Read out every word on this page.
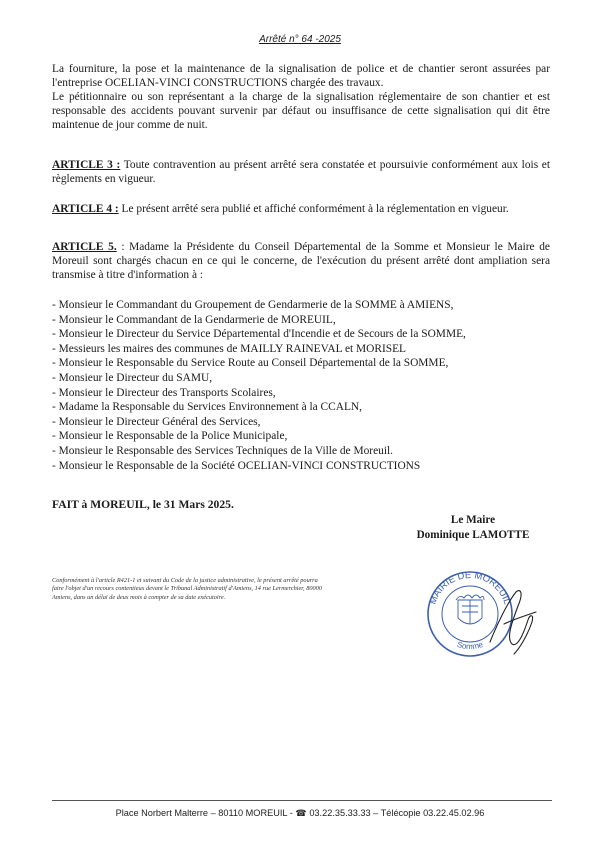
Arrêté n° 64 -2025

La fourniture, la pose et la maintenance de la signalisation de police et de chantier seront assurées par l'entreprise OCELIAN-VINCI CONSTRUCTIONS chargée des travaux.

Le pétitionnaire ou son représentant a la charge de la signalisation réglementaire de son chantier et est responsable des accidents pouvant survenir par défaut ou insuffisance de cette signalisation qui dit être maintenue de jour comme de nuit.

ARTICLE 3 : Toute contravention au présent arrêté sera constatée et poursuivie conformément aux lois et règlements en vigueur.

ARTICLE 4 : Le présent arrêté sera publié et affiché conformément à la réglementation en vigueur.

ARTICLE 5. : Madame la Présidente du Conseil Départemental de la Somme et Monsieur le Maire de Moreuil sont chargés chacun en ce qui le concerne, de l'exécution du présent arrêté dont ampliation sera transmise à titre d'information à :

- Monsieur le Commandant du Groupement de Gendarmerie de la SOMME à AMIENS,
- Monsieur le Commandant de la Gendarmerie de MOREUIL,
- Monsieur le Directeur du Service Départemental d'Incendie et de Secours de la SOMME,
- Messieurs les maires des communes de MAILLY RAINEVAL et MORISEL
- Monsieur le Responsable du Service Route au Conseil Départemental de la SOMME,
- Monsieur le Directeur du SAMU,
- Monsieur le Directeur des Transports Scolaires,
- Madame la Responsable du Services Environnement à la CCALN,
- Monsieur le Directeur Général des Services,
- Monsieur le Responsable de la Police Municipale,
- Monsieur le Responsable des Services Techniques de la Ville de Moreuil.
- Monsieur le Responsable de la Société OCELIAN-VINCI CONSTRUCTIONS
FAIT à MOREUIL, le 31 Mars 2025.
Le Maire
Dominique LAMOTTE
Conformément à l'article R421-1 et suivant du Code de la justice administrative, le présent arrêté pourra faire l'objet d'un recours contentieux devant le Tribunal Administratif d'Amiens, 14 rue Lermerchier, 80000 Amiens, dans un délai de deux mois à compter de sa date exécutoire.	MAIRIE DE MOREUIL
Somme
Place Norbert Malterre – 80110 MOREUIL - ☎ 03.22.35.33.33 – Télécopie 03.22.45.02.96
